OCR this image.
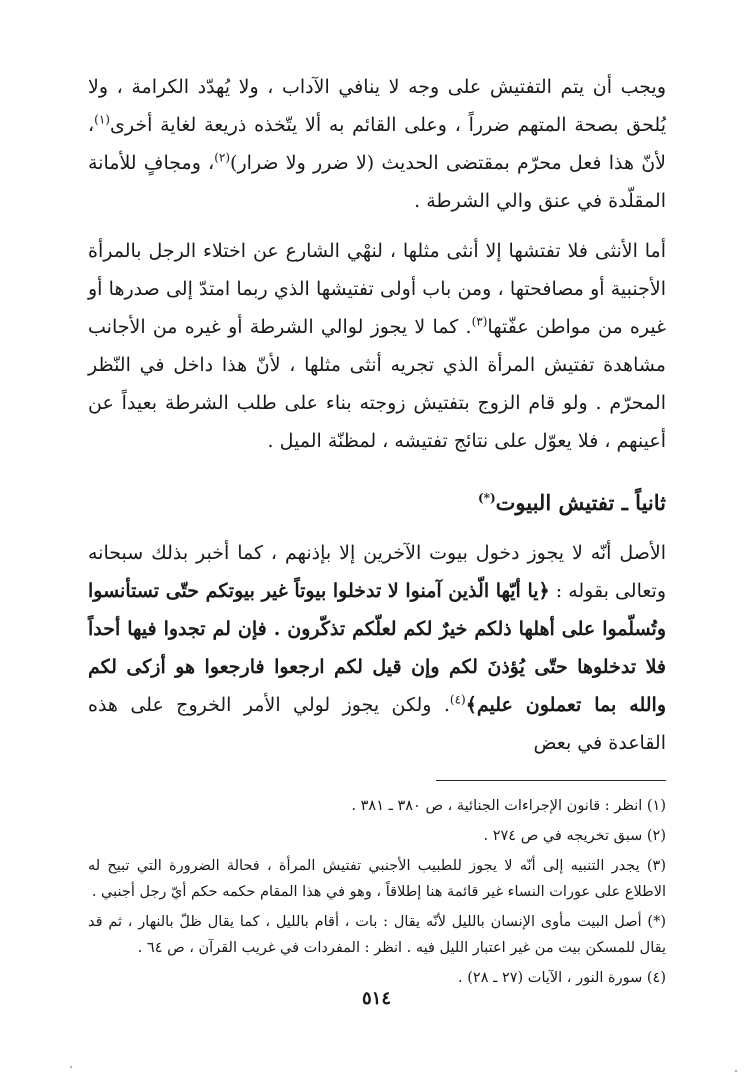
ويجب أن يتم التفتيش على وجه لا ينافي الآداب ، ولا يُهدّد الكرامة ، ولا يُلحق بصحة المتهم ضرراً ، وعلى القائم به ألا يتّخذه ذريعة لغاية أخرى$^{(١)}$، لأنّ هذا فعل محرّم بمقتضى الحديث (لا ضرر ولا ضرار)$^{(٢)}$، ومجافٍ للأمانة المقلّدة في عنق والي الشرطة .

أما الأنثى فلا تفتشها إلا أنثى مثلها ، لنهْي الشارع عن اختلاء الرجل بالمرأة الأجنبية أو مصافحتها ، ومن باب أولى تفتيشها الذي ربما امتدّ إلى صدرها أو غيره من مواطن عفّتها$^{(٣)}$. كما لا يجوز لوالي الشرطة أو غيره من الأجانب مشاهدة تفتيش المرأة الذي تجريه أنثى مثلها ، لأنّ هذا داخل في النّظر المحرّم . ولو قام الزوج بتفتيش زوجته بناء على طلب الشرطة بعيداً عن أعينهم ، فلا يعوّل على نتائج تفتيشه ، لمظنّة الميل .

ثانياً ـ تفتيش البيوت(*)

الأصل أنّه لا يجوز دخول بيوت الآخرين إلا بإذنهم ، كما أخبر بذلك سبحانه وتعالى بقوله : ﴿يا أيّها الّذين آمنوا لا تدخلوا بيوتاً غير بيوتكم حتّى تستأنسوا وتُسلّموا على أهلها ذلكم خيرٌ لكم لعلّكم تذكّرون . فإن لم تجدوا فيها أحداً فلا تدخلوها حتّى يُؤذنَ لكم وإن قيل لكم ارجعوا فارجعوا هو أزكى لكم والله بما تعملون عليم﴾$^{(٤)}$. ولكن يجوز لولي الأمر الخروج على هذه القاعدة في بعض

(١) انظر : قانون الإجراءات الجنائية ، ص ٣٨٠ ـ ٣٨١ .

(٢) سبق تخريجه في ص ٢٧٤ .

(٣) يجدر التنبيه إلى أنّه لا يجوز للطبيب الأجنبي تفتيش المرأة ، فحالة الضرورة التي تبيح له الاطلاع على عورات النساء غير قائمة هنا إطلاقاً ، وهو في هذا المقام حكمه حكم أيّ رجل أجنبي .

(*) أصل البيت مأوى الإنسان بالليل لأنّه يقال : بات ، أقام بالليل ، كما يقال ظلّ بالنهار ، ثم قد يقال للمسكن بيت من غير اعتبار الليل فيه . انظر : المفردات في غريب القرآن ، ص ٦٤ .

(٤) سورة النور ، الآيات (٢٧ ـ ٢٨) .

٥١٤
